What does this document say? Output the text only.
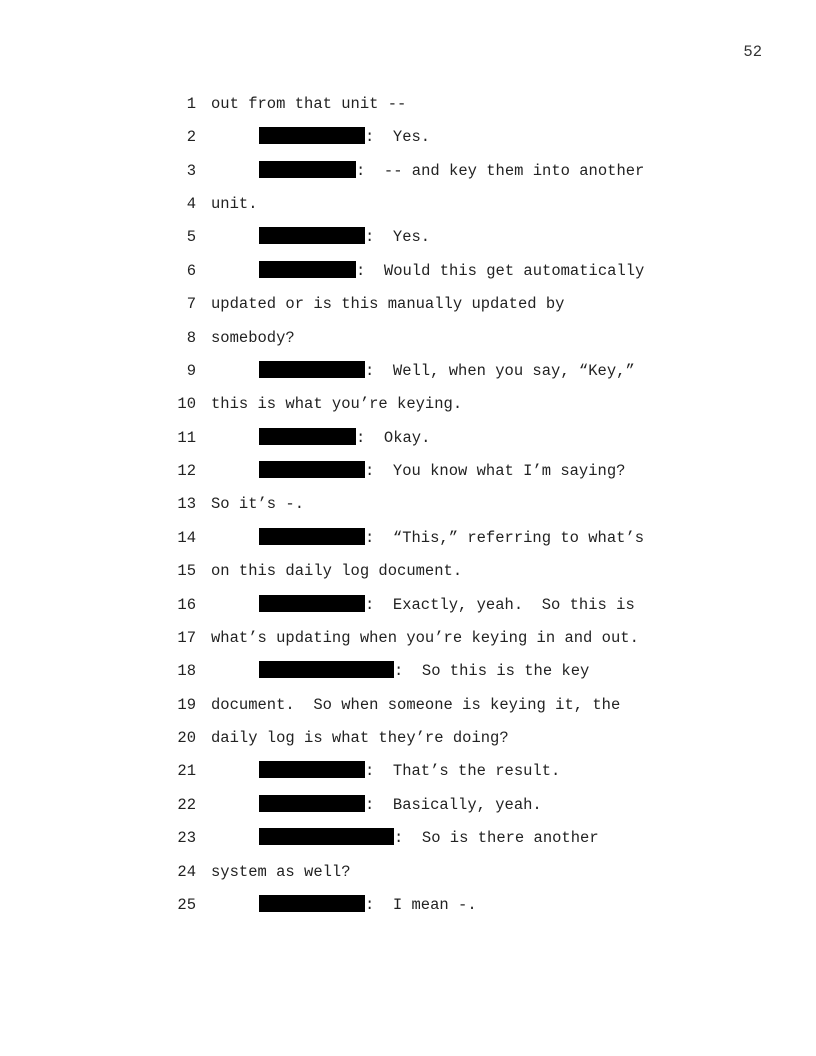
52
1 out from that unit --
2	:  Yes.
3	:  -- and key them into another
4 unit.
5	:  Yes.
6	:  Would this get automatically
7 updated or is this manually updated by
8 somebody?
9	:  Well, when you say, “Key,”
10 this is what you’re keying.
11	:  Okay.
12	:  You know what I’m saying?
13 So it’s -.
14	:  “This,” referring to what’s
15 on this daily log document.
16	:  Exactly, yeah.  So this is
17 what’s updating when you’re keying in and out.
18	:  So this is the key
19 document.  So when someone is keying it, the
20 daily log is what they’re doing?
21	:  That’s the result.
22	:  Basically, yeah.
23	:  So is there another
24 system as well?
25	:  I mean -.
